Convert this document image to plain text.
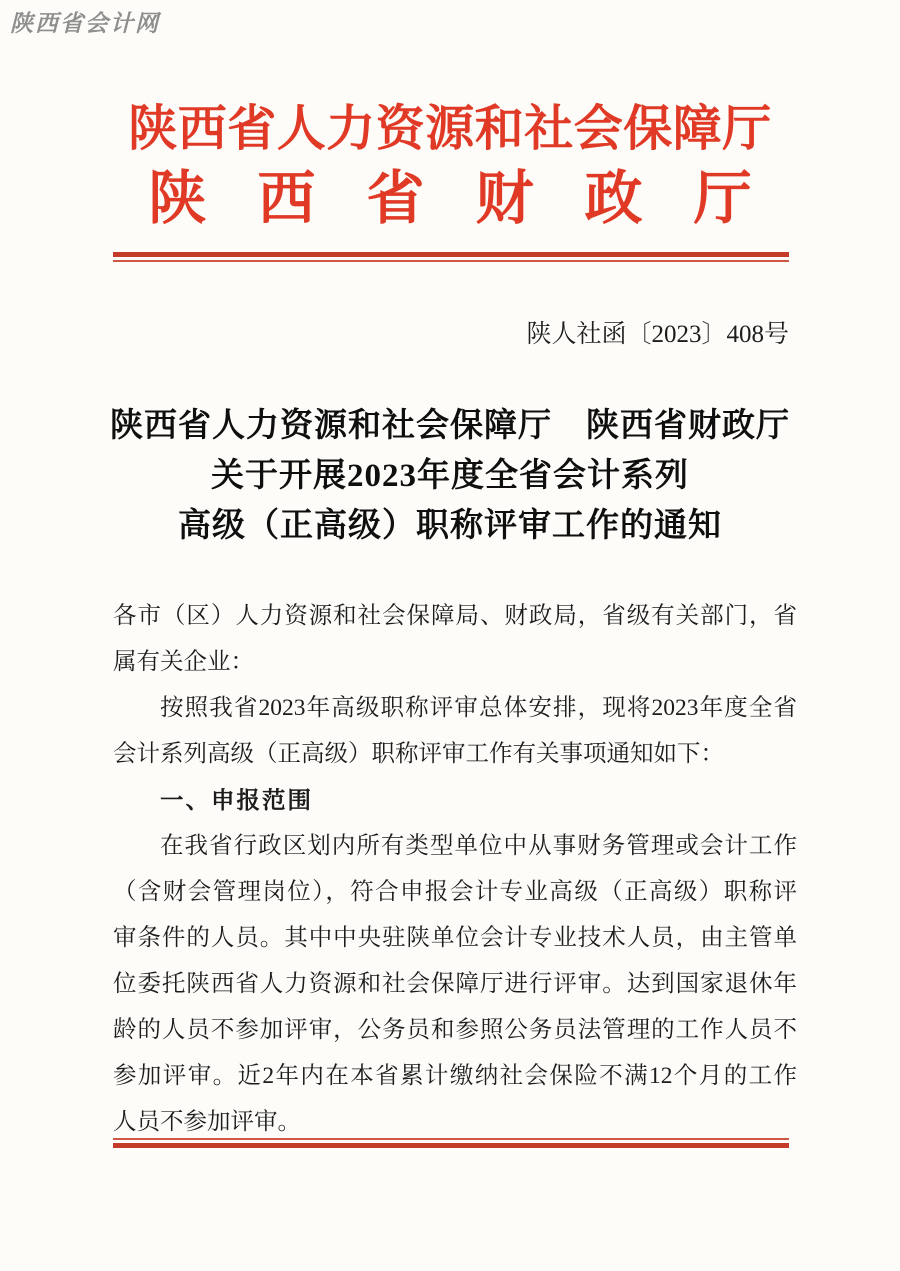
陕西省会计网
陕西省人力资源和社会保障厅
陕西省财政厅
陕人社函〔2023〕408号
陕西省人力资源和社会保障厅　陕西省财政厅
关于开展2023年度全省会计系列
高级（正高级）职称评审工作的通知
各市（区）人力资源和社会保障局、财政局，省级有关部门，省
属有关企业：
按照我省2023年高级职称评审总体安排，现将2023年度全省
会计系列高级（正高级）职称评审工作有关事项通知如下：
一、申报范围
在我省行政区划内所有类型单位中从事财务管理或会计工作
（含财会管理岗位），符合申报会计专业高级（正高级）职称评
审条件的人员。其中中央驻陕单位会计专业技术人员，由主管单
位委托陕西省人力资源和社会保障厅进行评审。达到国家退休年
龄的人员不参加评审，公务员和参照公务员法管理的工作人员不
参加评审。近2年内在本省累计缴纳社会保险不满12个月的工作
人员不参加评审。
